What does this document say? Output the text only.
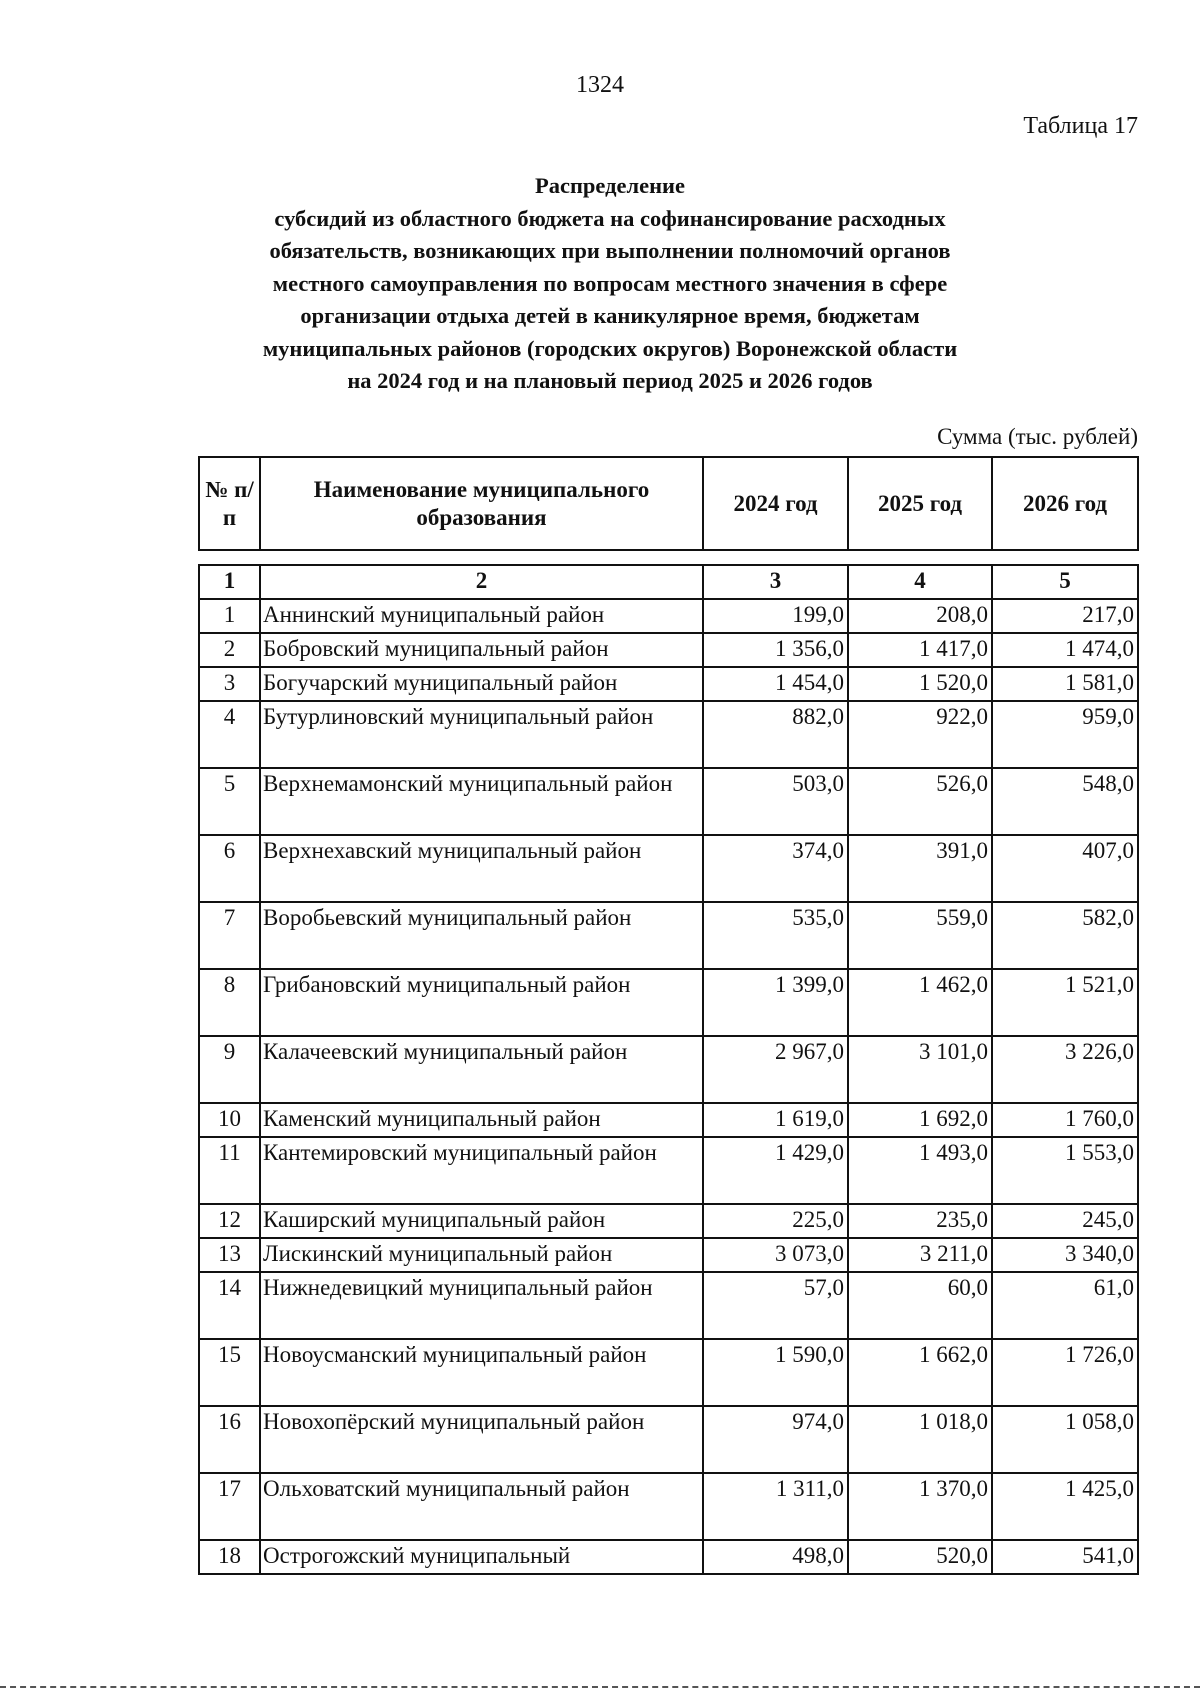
1324
Таблица 17
Распределение
субсидий из областного бюджета на софинансирование расходных
обязательств, возникающих при выполнении полномочий органов
местного самоуправления по вопросам местного значения в сфере
организации отдыха детей в каникулярное время, бюджетам
муниципальных районов (городских округов) Воронежской области
на 2024 год и на плановый период 2025 и 2026 годов
Сумма (тыс. рублей)
№ п/п	Наименование муниципального образования	2024 год	2025 год	2026 год
1	2	3	4	5
1	Аннинский муниципальный район	199,0	208,0	217,0
2	Бобровский муниципальный район	1 356,0	1 417,0	1 474,0
3	Богучарский муниципальный район	1 454,0	1 520,0	1 581,0
4	Бутурлиновский муниципальный район	882,0	922,0	959,0
5	Верхнемамонский муниципальный район	503,0	526,0	548,0
6	Верхнехавский муниципальный район	374,0	391,0	407,0
7	Воробьевский муниципальный район	535,0	559,0	582,0
8	Грибановский муниципальный район	1 399,0	1 462,0	1 521,0
9	Калачеевский муниципальный район	2 967,0	3 101,0	3 226,0
10	Каменский муниципальный район	1 619,0	1 692,0	1 760,0
11	Кантемировский муниципальный район	1 429,0	1 493,0	1 553,0
12	Каширский муниципальный район	225,0	235,0	245,0
13	Лискинский муниципальный район	3 073,0	3 211,0	3 340,0
14	Нижнедевицкий муниципальный район	57,0	60,0	61,0
15	Новоусманский муниципальный район	1 590,0	1 662,0	1 726,0
16	Новохопёрский муниципальный район	974,0	1 018,0	1 058,0
17	Ольховатский муниципальный район	1 311,0	1 370,0	1 425,0
18	Острогожский муниципальный	498,0	520,0	541,0
